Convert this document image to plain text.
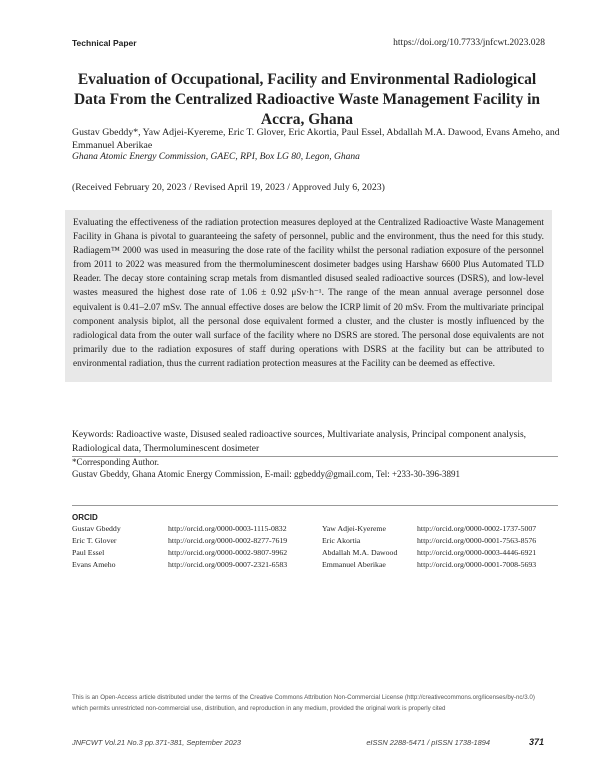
Technical Paper	https://doi.org/10.7733/jnfcwt.2023.028
Evaluation of Occupational, Facility and Environmental Radiological Data From the Centralized Radioactive Waste Management Facility in Accra, Ghana
Gustav Gbeddy*, Yaw Adjei-Kyereme, Eric T. Glover, Eric Akortia, Paul Essel, Abdallah M.A. Dawood, Evans Ameho, and Emmanuel Aberikae
Ghana Atomic Energy Commission, GAEC, RPI, Box LG 80, Legon, Ghana
(Received February 20, 2023 / Revised April 19, 2023 / Approved July 6, 2023)

Evaluating the effectiveness of the radiation protection measures deployed at the Centralized Radioactive Waste Management Facility in Ghana is pivotal to guaranteeing the safety of personnel, public and the environment, thus the need for this study. Radiagem™ 2000 was used in measuring the dose rate of the facility whilst the personal radiation exposure of the personnel from 2011 to 2022 was measured from the thermoluminescent dosimeter badges using Harshaw 6600 Plus Automated TLD Reader. The decay store containing scrap metals from dismantled disused sealed radioactive sources (DSRS), and low-level wastes measured the highest dose rate of 1.06 ± 0.92 μSv·h⁻¹. The range of the mean annual average personnel dose equivalent is 0.41–2.07 mSv. The annual effective doses are below the ICRP limit of 20 mSv. From the multivariate principal component analysis biplot, all the personal dose equivalent formed a cluster, and the cluster is mostly influenced by the radiological data from the outer wall surface of the facility where no DSRS are stored. The personal dose equivalents are not primarily due to the radiation exposures of staff during operations with DSRS at the facility but can be attributed to environmental radiation, thus the current radiation protection measures at the Facility can be deemed as effective.

Keywords: Radioactive waste, Disused sealed radioactive sources, Multivariate analysis, Principal component analysis, Radiological data, Thermoluminescent dosimeter
*Corresponding Author.
Gustav Gbeddy, Ghana Atomic Energy Commission, E-mail: ggbeddy@gmail.com, Tel: +233-30-396-3891
ORCID
Gustav Gbeddy	http://orcid.org/0000-0003-1115-0832	Yaw Adjei-Kyereme	http://orcid.org/0000-0002-1737-5007
Eric T. Glover	http://orcid.org/0000-0002-8277-7619	Eric Akortia	http://orcid.org/0000-0001-7563-8576
Paul Essel	http://orcid.org/0000-0002-9807-9962	Abdallah M.A. Dawood	http://orcid.org/0000-0003-4446-6921
Evans Ameho	http://orcid.org/0009-0007-2321-6583	Emmanuel Aberikae	http://orcid.org/0000-0001-7008-5693
This is an Open-Access article distributed under the terms of the Creative Commons Attribution Non-Commercial License (http://creativecommons.org/licenses/by-nc/3.0) which permits unrestricted non-commercial use, distribution, and reproduction in any medium, provided the original work is properly cited
JNFCWT Vol.21 No.3 pp.371-381, September 2023	eISSN 2288-5471 / pISSN 1738-1894	371
